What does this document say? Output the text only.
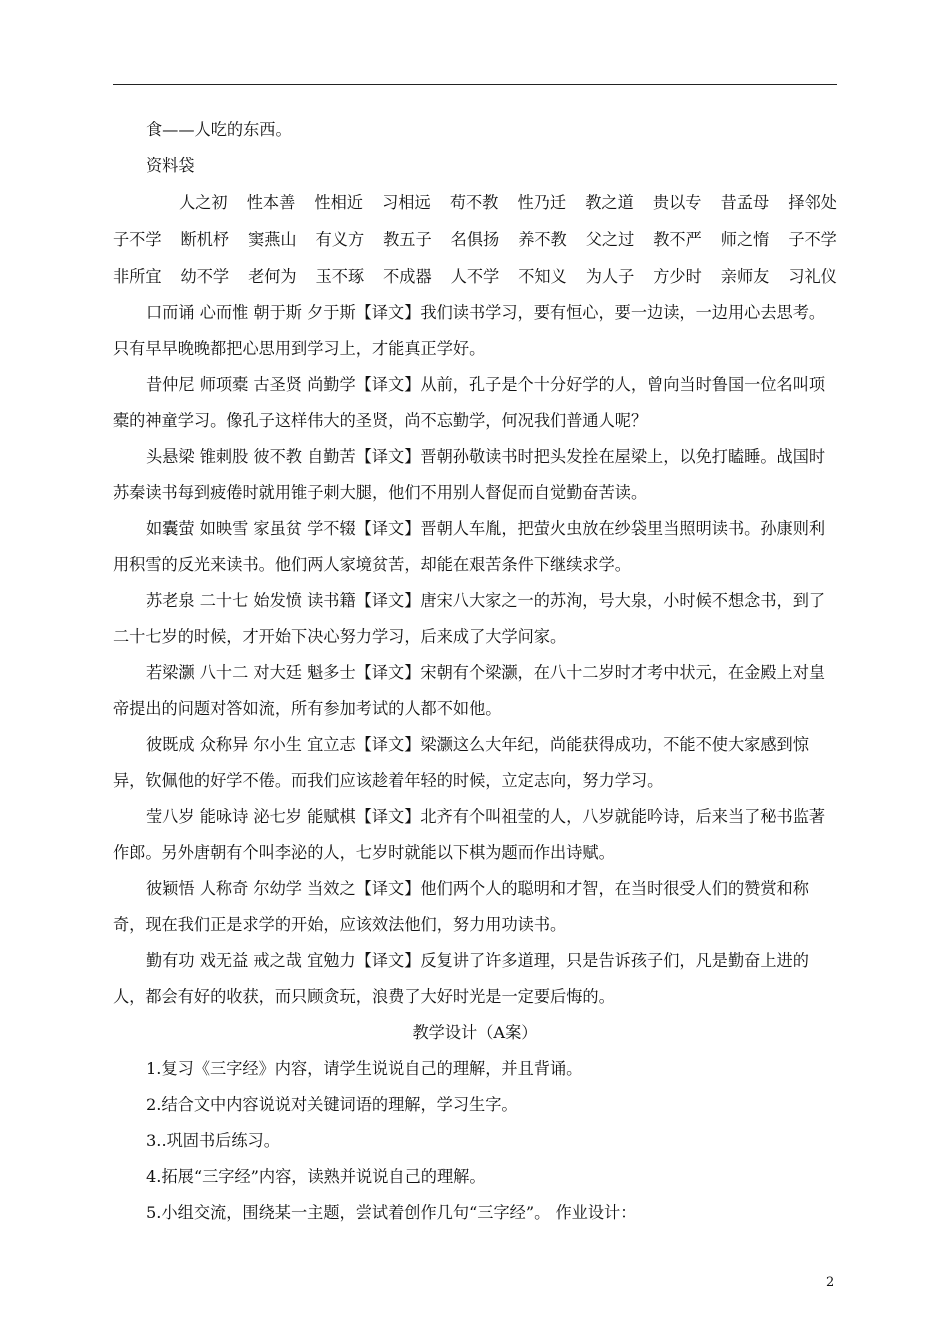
食——人吃的东西。

资料袋

人之初 性本善 性相近 习相远 苟不教 性乃迁 教之道 贵以专 昔孟母 择邻处
子不学 断机杼 窦燕山 有义方 教五子 名俱扬 养不教 父之过 教不严 师之惰 子不学
非所宜 幼不学 老何为 玉不琢 不成器 人不学 不知义 为人子 方少时 亲师友 习礼仪

口而诵 心而惟 朝于斯 夕于斯【译文】我们读书学习，要有恒心，要一边读，一边用心去思考。只有早早晚晚都把心思用到学习上，才能真正学好。

昔仲尼 师项橐 古圣贤 尚勤学【译文】从前，孔子是个十分好学的人，曾向当时鲁国一位名叫项橐的神童学习。像孔子这样伟大的圣贤，尚不忘勤学，何况我们普通人呢？

头悬梁 锥刺股 彼不教 自勤苦【译文】晋朝孙敬读书时把头发拴在屋梁上，以免打瞌睡。战国时苏秦读书每到疲倦时就用锥子刺大腿，他们不用别人督促而自觉勤奋苦读。

如囊萤 如映雪 家虽贫 学不辍【译文】晋朝人车胤，把萤火虫放在纱袋里当照明读书。孙康则利用积雪的反光来读书。他们两人家境贫苦，却能在艰苦条件下继续求学。

苏老泉 二十七 始发愤 读书籍【译文】唐宋八大家之一的苏洵，号大泉，小时候不想念书，到了二十七岁的时候，才开始下决心努力学习，后来成了大学问家。

若梁灏 八十二 对大廷 魁多士【译文】宋朝有个梁灏，在八十二岁时才考中状元，在金殿上对皇帝提出的问题对答如流，所有参加考试的人都不如他。

彼既成 众称异 尔小生 宜立志【译文】梁灏这么大年纪，尚能获得成功，不能不使大家感到惊异，钦佩他的好学不倦。而我们应该趁着年轻的时候，立定志向，努力学习。

莹八岁 能咏诗 泌七岁 能赋棋【译文】北齐有个叫祖莹的人，八岁就能吟诗，后来当了秘书监著作郎。另外唐朝有个叫李泌的人，七岁时就能以下棋为题而作出诗赋。

彼颖悟 人称奇 尔幼学 当效之【译文】他们两个人的聪明和才智，在当时很受人们的赞赏和称奇，现在我们正是求学的开始，应该效法他们，努力用功读书。

勤有功 戏无益 戒之哉 宜勉力【译文】反复讲了许多道理，只是告诉孩子们，凡是勤奋上进的人，都会有好的收获，而只顾贪玩，浪费了大好时光是一定要后悔的。

教学设计（A案）

1.复习《三字经》内容，请学生说说自己的理解，并且背诵。

2.结合文中内容说说对关键词语的理解，学习生字。

3..巩固书后练习。

4.拓展“三字经”内容，读熟并说说自己的理解。

5.小组交流，围绕某一主题，尝试着创作几句“三字经”。 作业设计：

2
